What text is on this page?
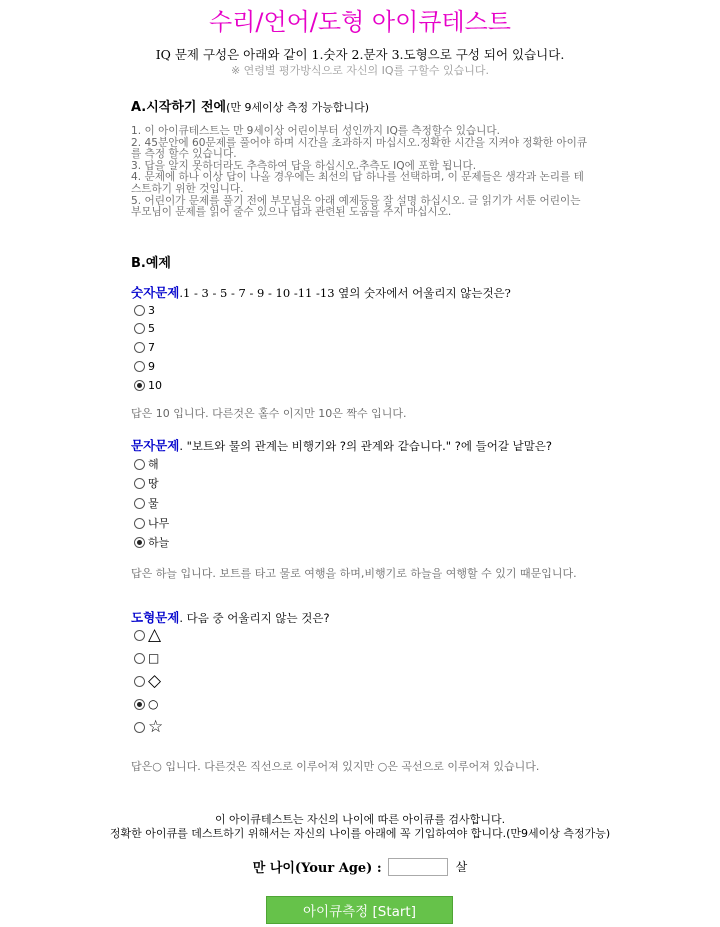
수리/언어/도형 아이큐테스트
IQ 문제 구성은 아래와 같이 1.숫자 2.문자 3.도형으로 구성 되어 있습니다.
※ 연령별 평가방식으로 자신의 IQ를 구할수 있습니다.
A.시작하기 전에(만 9세이상 측정 가능합니다)
1. 이 아이큐테스트는 만 9세이상 어린이부터 성인까지 IQ를 측정할수 있습니다.
2. 45분안에 60문제를 풀어야 하며 시간을 초과하지 마십시오.정확한 시간을 지켜야 정확한 아이큐를 측정 할수 있습니다.
3. 답을 알지 못하더라도 추측하여 답을 하십시오.추측도 IQ에 포함 됩니다.
4. 문제에 하나 이상 답이 나올 경우에는 최선의 답 하나를 선택하며, 이 문제들은 생각과 논리를 테스트하기 위한 것입니다.
5. 어린이가 문제를 풀기 전에 부모님은 아래 예제등을 잘 설명 하십시오. 글 읽기가 서툰 어린이는 부모님이 문제를 읽어 줄수 있으나 답과 관련된 도움을 주지 마십시오.
B.예제
숫자문제.1 - 3 - 5 - 7 - 9 - 10 -11 -13 옆의 숫자에서 어울리지 않는것은?
3
5
7
9
10
답은 10 입니다. 다른것은 홀수 이지만 10은 짝수 입니다.
문자문제. "보트와 물의 관계는 비행기와 ?의 관계와 같습니다." ?에 들어갈 낱말은?
해
땅
물
나무
하늘
답은 하늘 입니다. 보트를 타고 물로 여행을 하며,비행기로 하늘을 여행할 수 있기 때문입니다.
도형문제. 다음 중 어울리지 않는 것은?
△
□
◇
○
☆
답은○ 입니다. 다른것은 직선으로 이루어져 있지만 ○은 곡선으로 이루어져 있습니다.
이 아이큐테스트는 자신의 나이에 따른 아이큐를 검사합니다.
정확한 아이큐를 데스트하기 위해서는 자신의 나이를 아래에 꼭 기입하여야 합니다.(만9세이상 측정가능)
만 나이(Your Age) :	살
아이큐측정 [Start]
